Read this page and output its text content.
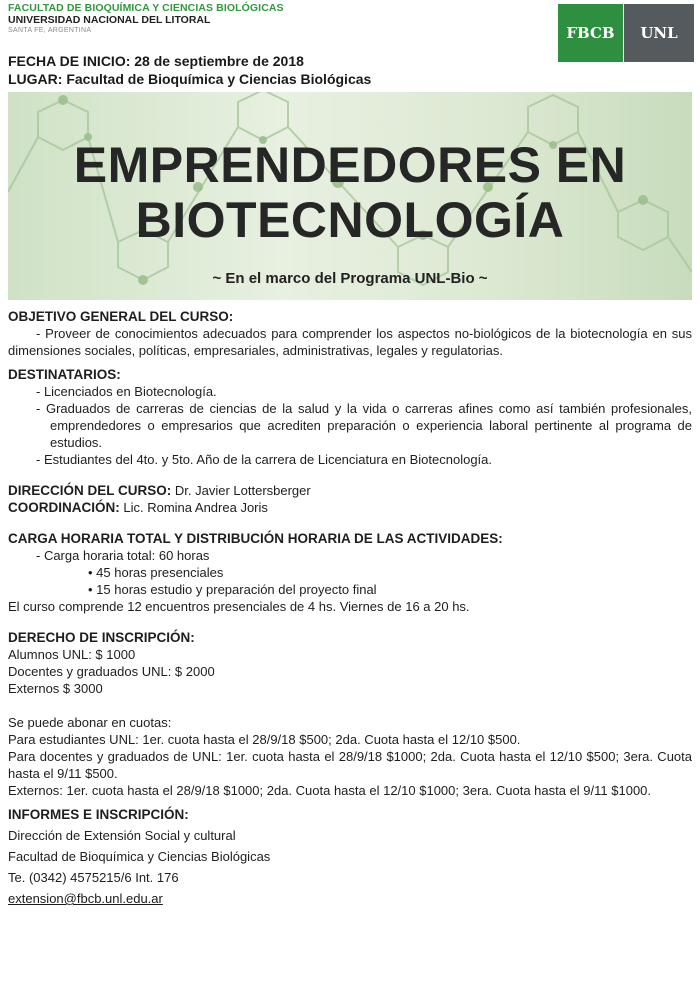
FACULTAD DE BIOQUÍMICA Y CIENCIAS BIOLÓGICAS
UNIVERSIDAD NACIONAL DEL LITORAL
SANTA FE, ARGENTINA	FBCB	UNL
FECHA DE INICIO: 28 de septiembre de 2018
LUGAR: Facultad de Bioquímica y Ciencias Biológicas
EMPRENDEDORES EN
BIOTECNOLOGÍA
~ En el marco del Programa UNL-Bio ~

OBJETIVO GENERAL DEL CURSO:

- Proveer de conocimientos adecuados para comprender los aspectos no-biológicos de la biotecnología en sus dimensiones sociales, políticas, empresariales, administrativas, legales y regulatorias.

DESTINATARIOS:

- Licenciados en Biotecnología.

- Graduados de carreras de ciencias de la salud y la vida o carreras afines como así también profesionales, emprendedores o empresarios que acrediten preparación o experiencia laboral pertinente al programa de estudios.

- Estudiantes del 4to. y 5to. Año de la carrera de Licenciatura en Biotecnología.

DIRECCIÓN DEL CURSO: Dr. Javier Lottersberger

COORDINACIÓN: Lic. Romina Andrea Joris

CARGA HORARIA TOTAL Y DISTRIBUCIÓN HORARIA DE LAS ACTIVIDADES:

- Carga horaria total: 60 horas

• 45 horas presenciales

• 15 horas estudio y preparación del proyecto final

El curso comprende 12 encuentros presenciales de 4 hs. Viernes de 16 a 20 hs.

DERECHO DE INSCRIPCIÓN:

Alumnos UNL: $ 1000

Docentes y graduados UNL: $ 2000

Externos $ 3000

Se puede abonar en cuotas:

Para estudiantes UNL: 1er. cuota hasta el 28/9/18 $500; 2da. Cuota hasta el 12/10 $500.

Para docentes y graduados de UNL: 1er. cuota hasta el 28/9/18 $1000; 2da. Cuota hasta el 12/10 $500; 3era. Cuota hasta el 9/11 $500.

Externos: 1er. cuota hasta el 28/9/18 $1000; 2da. Cuota hasta el 12/10 $1000; 3era. Cuota hasta el 9/11 $1000.

INFORMES E INSCRIPCIÓN:

Dirección de Extensión Social y cultural

Facultad de Bioquímica y Ciencias Biológicas

Te. (0342) 4575215/6 Int. 176

extension@fbcb.unl.edu.ar
